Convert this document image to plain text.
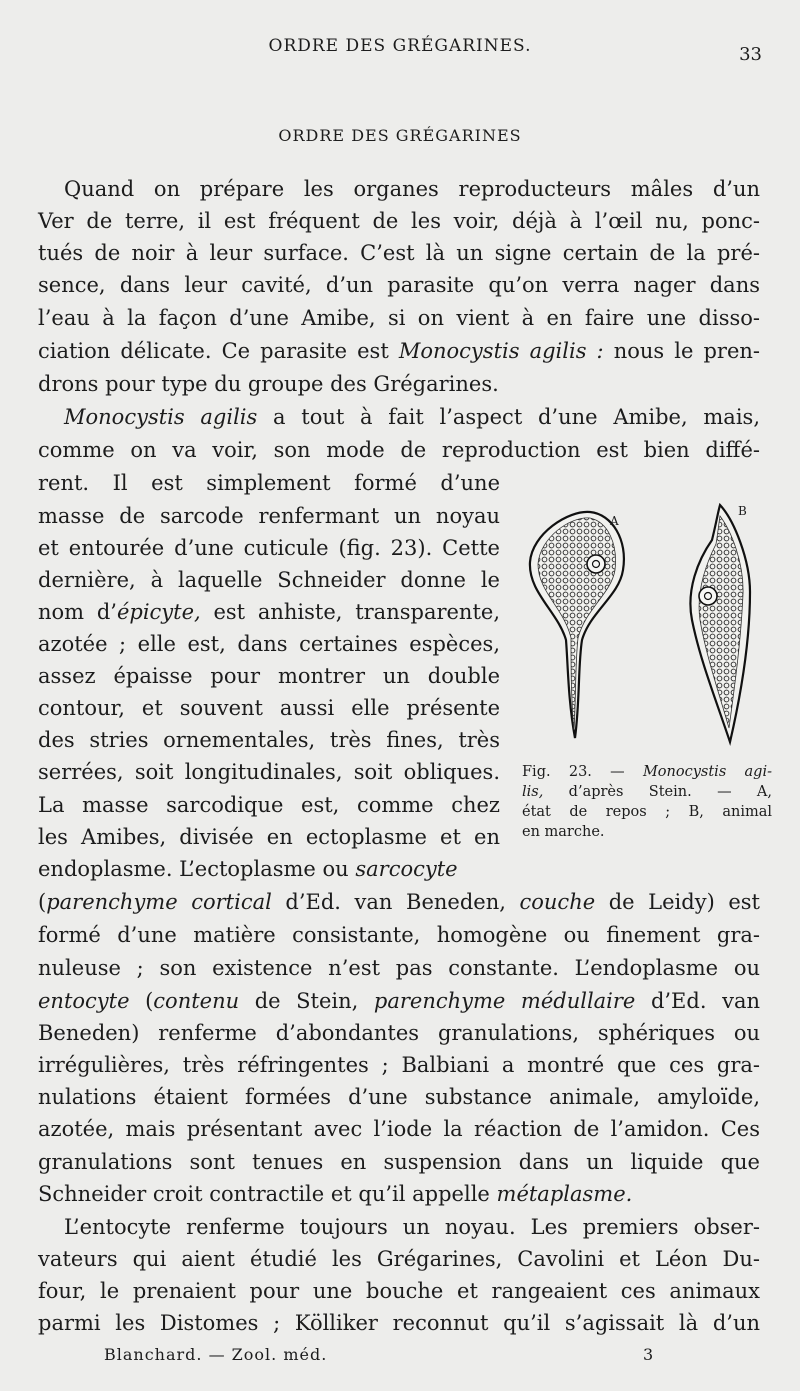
ORDRE DES GRÉGARINES.	33
ORDRE DES GRÉGARINES
Quand on prépare les organes reproducteurs mâles d’un
Ver de terre, il est fréquent de les voir, déjà à l’œil nu, ponc-
tués de noir à leur surface. C’est là un signe certain de la pré-
sence, dans leur cavité, d’un parasite qu’on verra nager dans
l’eau à la façon d’une Amibe, si on vient à en faire une disso-
ciation délicate. Ce parasite est Monocystis agilis : nous le pren-
drons pour type du groupe des Grégarines.
Monocystis agilis a tout à fait l’aspect d’une Amibe, mais,
comme on va voir, son mode de reproduction est bien diffé-
rent. Il est simplement formé d’une
masse de sarcode renfermant un noyau
et entourée d’une cuticule (fig. 23). Cette
dernière, à laquelle Schneider donne le
nom d’épicyte, est anhiste, transparente,
azotée ; elle est, dans certaines espèces,
assez épaisse pour montrer un double
contour, et souvent aussi elle présente
des stries ornementales, très fines, très
serrées, soit longitudinales, soit obliques.
La masse sarcodique est, comme chez
les Amibes, divisée en ectoplasme et en
endoplasme. L’ectoplasme ou sarcocyte
(parenchyme cortical d’Ed. van Beneden, couche de Leidy) est
formé d’une matière consistante, homogène ou finement gra-
nuleuse ; son existence n’est pas constante. L’endoplasme ou
entocyte (contenu de Stein, parenchyme médullaire d’Ed. van
Beneden) renferme d’abondantes granulations, sphériques ou
irrégulières, très réfringentes ; Balbiani a montré que ces gra-
nulations étaient formées d’une substance animale, amyloïde,
azotée, mais présentant avec l’iode la réaction de l’amidon. Ces
granulations sont tenues en suspension dans un liquide que
Schneider croit contractile et qu’il appelle métaplasme.
L’entocyte renferme toujours un noyau. Les premiers obser-
vateurs qui aient étudié les Grégarines, Cavolini et Léon Du-
four, le prenaient pour une bouche et rangeaient ces animaux
parmi les Distomes ; Kölliker reconnut qu’il s’agissait là d’un
A
B
Fig. 23. — Monocystis agi-
lis, d’après Stein. — A,
état de repos ; B, animal
en marche.
Blanchard. — Zool. méd.	3
